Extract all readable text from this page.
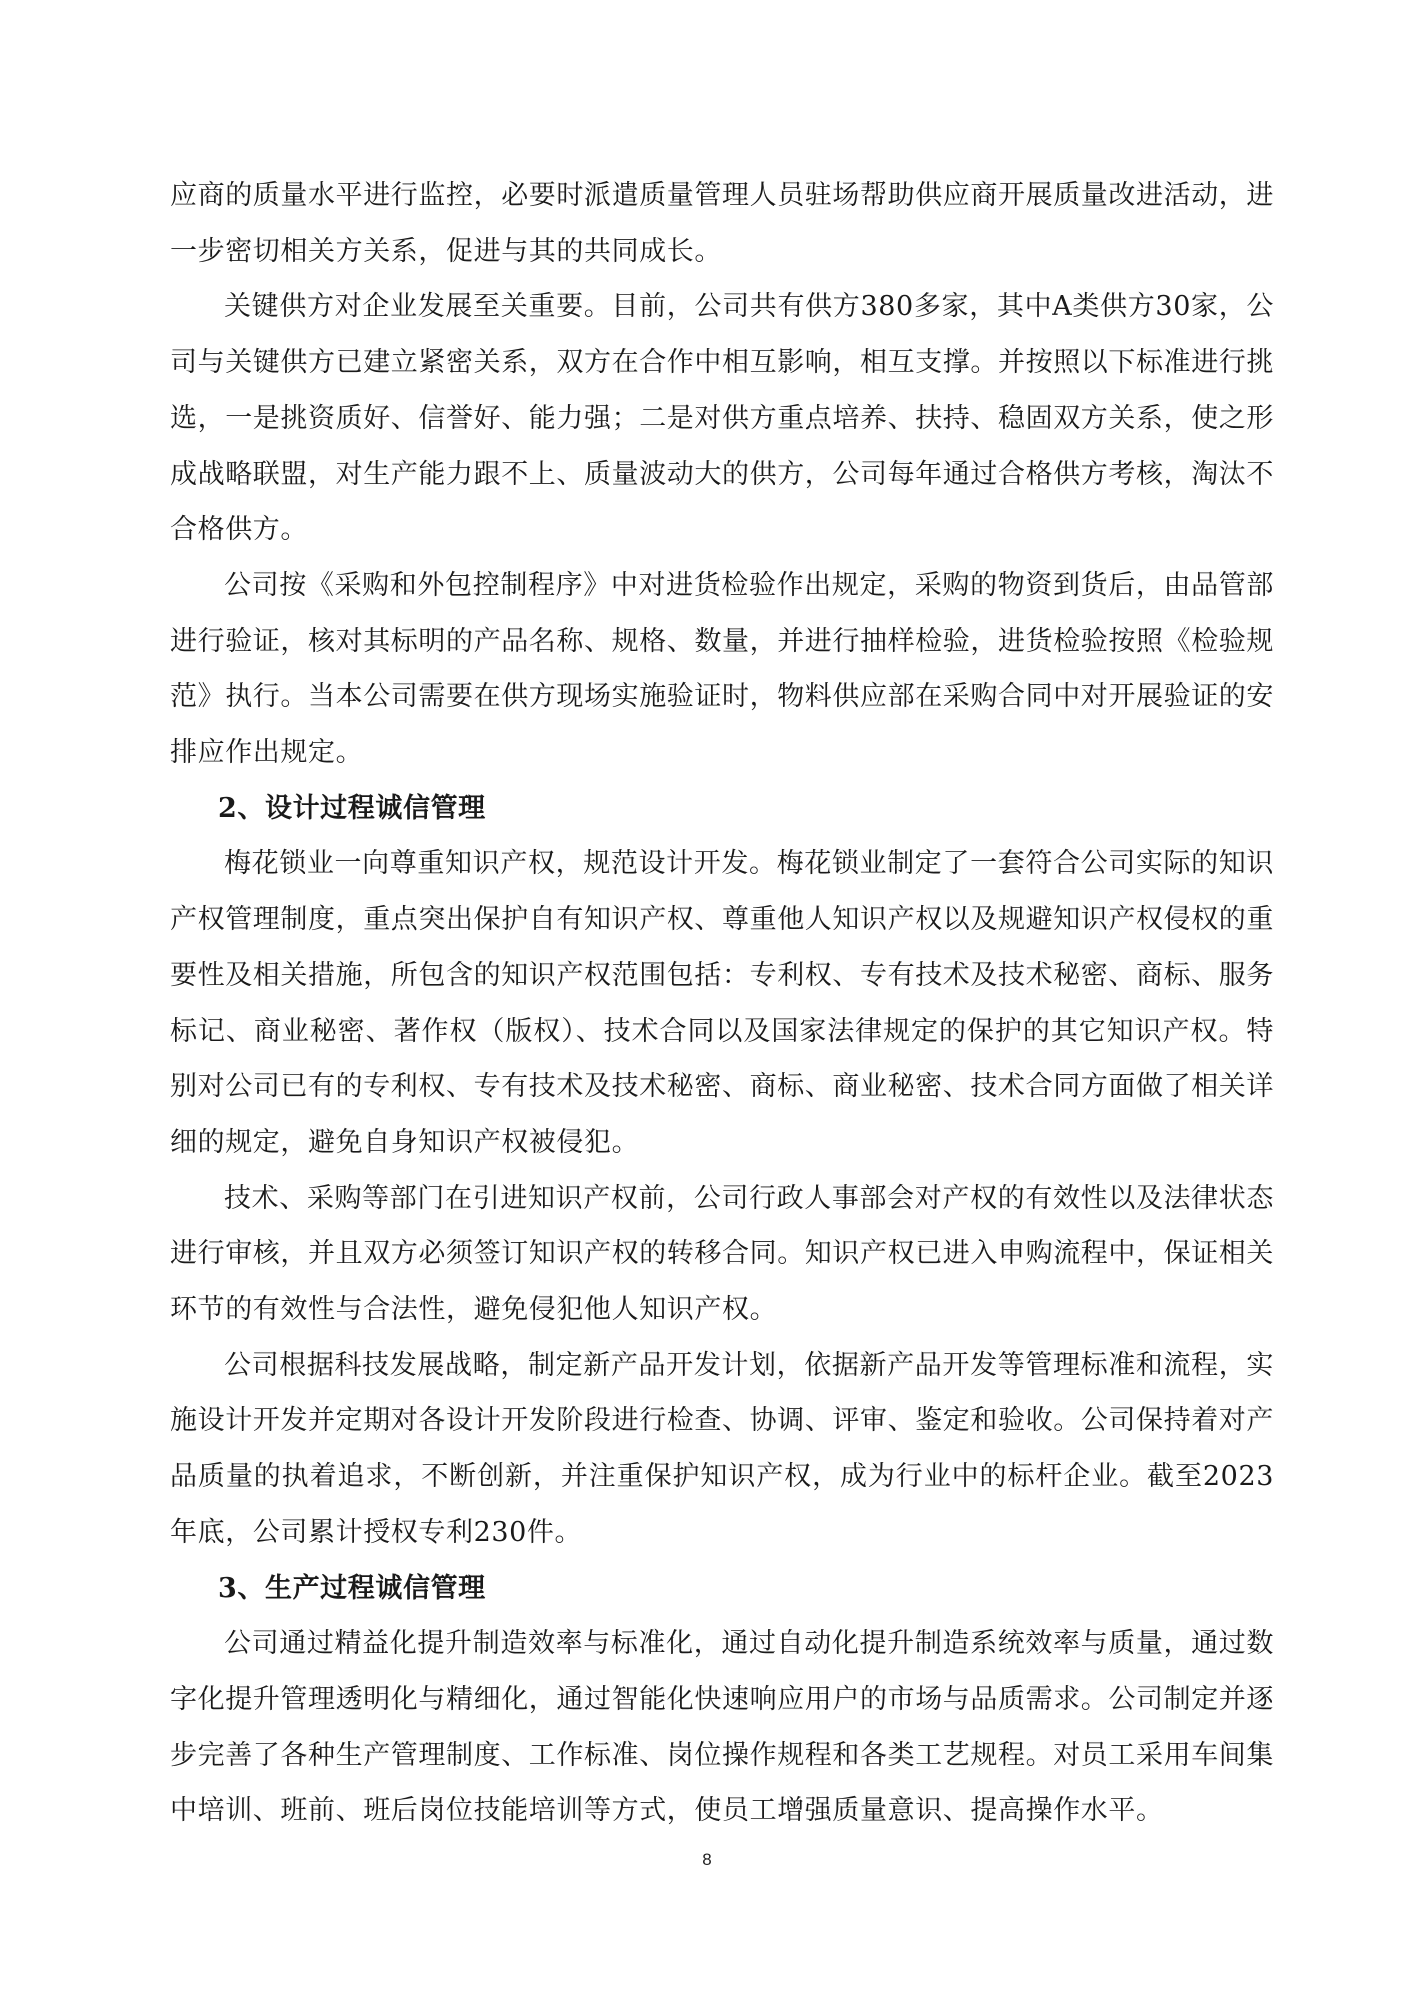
应商的质量水平进行监控，必要时派遣质量管理人员驻场帮助供应商开展质量改进活动，进一步密切相关方关系，促进与其的共同成长。

关键供方对企业发展至关重要。目前，公司共有供方380多家，其中A类供方30家，公司与关键供方已建立紧密关系，双方在合作中相互影响，相互支撑。并按照以下标准进行挑选，一是挑资质好、信誉好、能力强；二是对供方重点培养、扶持、稳固双方关系，使之形成战略联盟，对生产能力跟不上、质量波动大的供方，公司每年通过合格供方考核，淘汰不合格供方。

公司按《采购和外包控制程序》中对进货检验作出规定，采购的物资到货后，由品管部进行验证，核对其标明的产品名称、规格、数量，并进行抽样检验，进货检验按照《检验规范》执行。当本公司需要在供方现场实施验证时，物料供应部在采购合同中对开展验证的安排应作出规定。

2、设计过程诚信管理

梅花锁业一向尊重知识产权，规范设计开发。梅花锁业制定了一套符合公司实际的知识产权管理制度，重点突出保护自有知识产权、尊重他人知识产权以及规避知识产权侵权的重要性及相关措施，所包含的知识产权范围包括：专利权、专有技术及技术秘密、商标、服务标记、商业秘密、著作权（版权）、技术合同以及国家法律规定的保护的其它知识产权。特别对公司已有的专利权、专有技术及技术秘密、商标、商业秘密、技术合同方面做了相关详细的规定，避免自身知识产权被侵犯。

技术、采购等部门在引进知识产权前，公司行政人事部会对产权的有效性以及法律状态进行审核，并且双方必须签订知识产权的转移合同。知识产权已进入申购流程中，保证相关环节的有效性与合法性，避免侵犯他人知识产权。

公司根据科技发展战略，制定新产品开发计划，依据新产品开发等管理标准和流程，实施设计开发并定期对各设计开发阶段进行检查、协调、评审、鉴定和验收。公司保持着对产品质量的执着追求，不断创新，并注重保护知识产权，成为行业中的标杆企业。截至2023年底，公司累计授权专利230件。

3、生产过程诚信管理

公司通过精益化提升制造效率与标准化，通过自动化提升制造系统效率与质量，通过数字化提升管理透明化与精细化，通过智能化快速响应用户的市场与品质需求。公司制定并逐步完善了各种生产管理制度、工作标准、岗位操作规程和各类工艺规程。对员工采用车间集中培训、班前、班后岗位技能培训等方式，使员工增强质量意识、提高操作水平。

8
